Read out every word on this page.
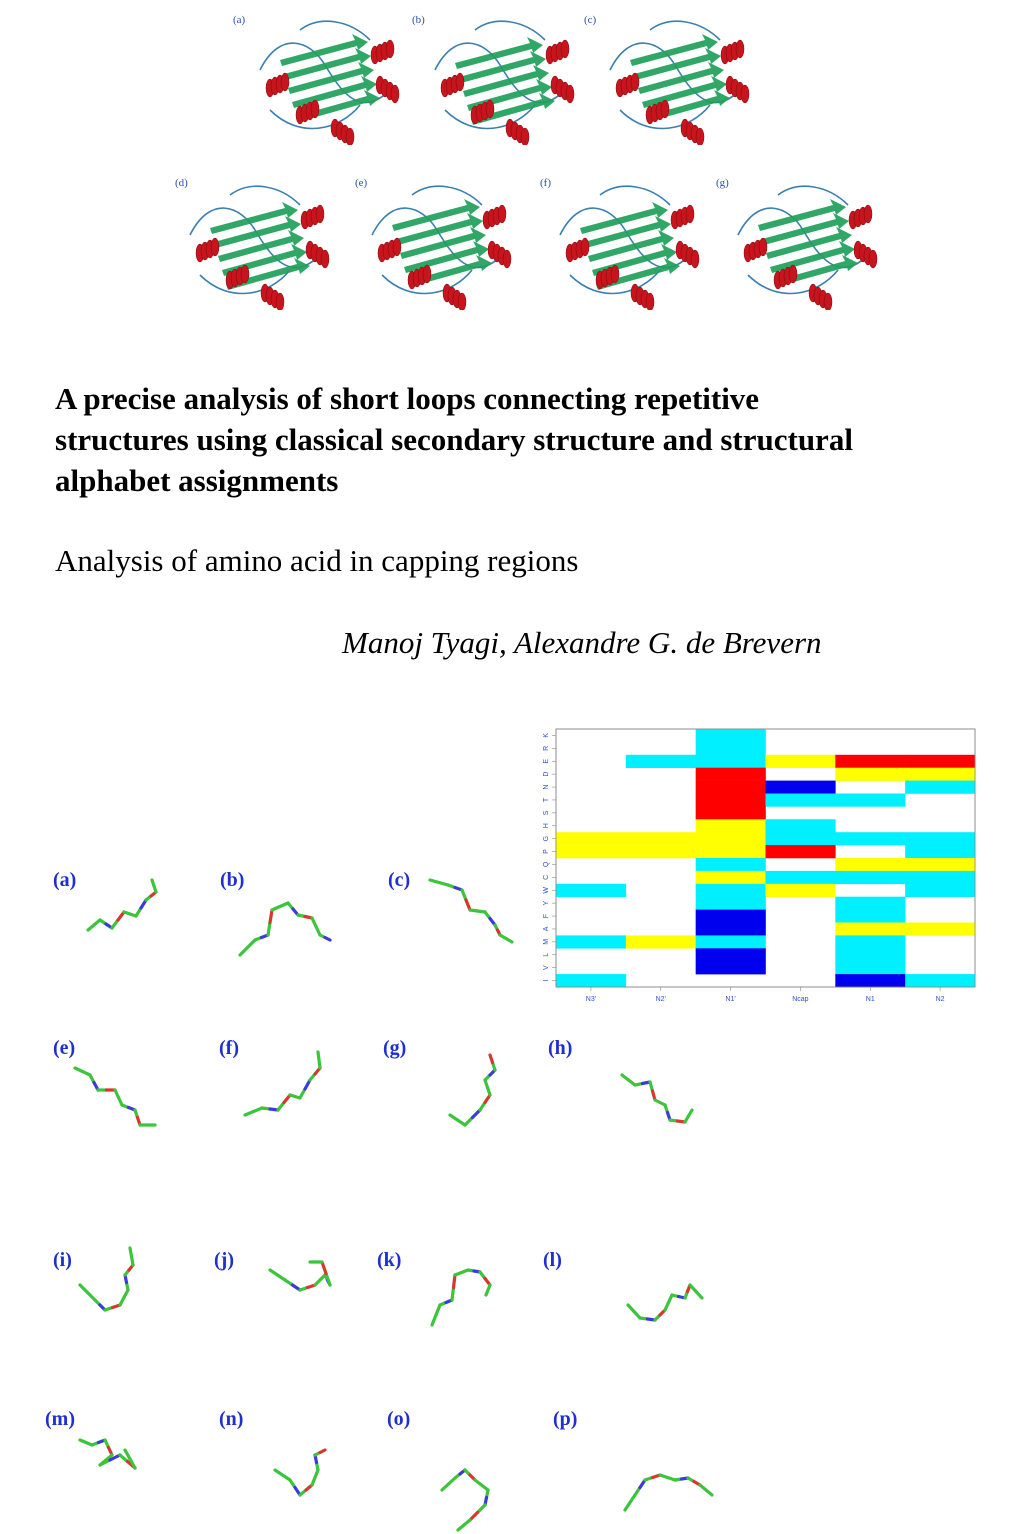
(a)	(b)	(c)
(d)	(e)	(f)	(g)
A precise analysis of short loops connecting repetitive structures using classical secondary structure and structural alphabet assignments
Analysis of amino acid in capping regions
Manoj Tyagi, Alexandre G. de Brevern
K
R
E
D
N
T
S
H
G
P
Q
C
W
Y
F
A
M
L
V
I
N3'	N2'	N1'	Ncap	N1	N2
(a)	(b)	(c)
(e)	(f)	(g)	(h)
(i)	(j)	(k)	(l)
(m)	(n)	(o)	(p)
